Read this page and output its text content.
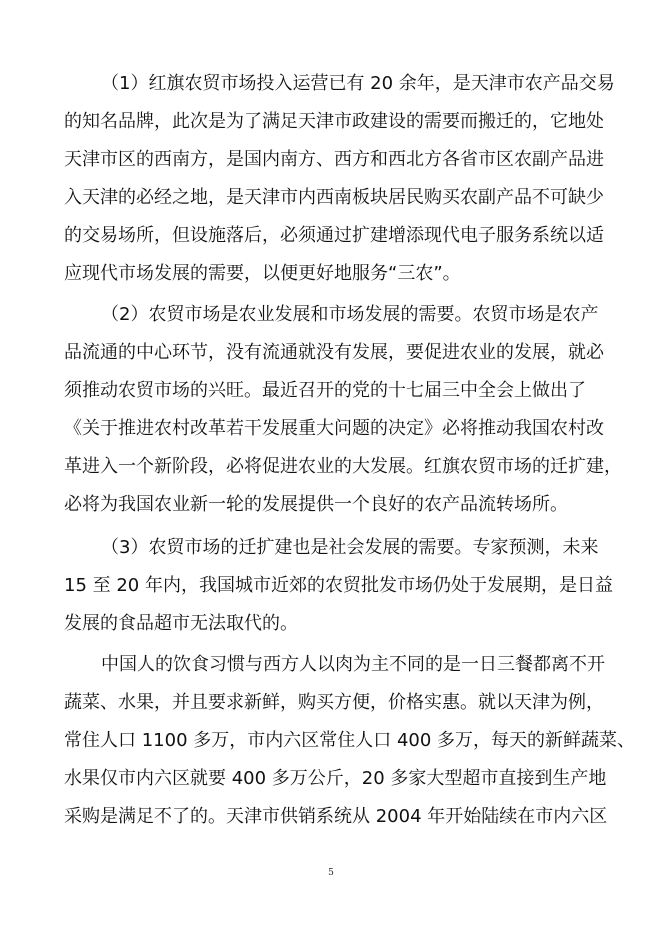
（1）红旗农贸市场投入运营已有 20 余年，是天津市农产品交易
的知名品牌，此次是为了满足天津市政建设的需要而搬迁的，它地处
天津市区的西南方，是国内南方、西方和西北方各省市区农副产品进
入天津的必经之地，是天津市内西南板块居民购买农副产品不可缺少
的交易场所，但设施落后，必须通过扩建增添现代电子服务系统以适
应现代市场发展的需要，以便更好地服务“三农”。
（2）农贸市场是农业发展和市场发展的需要。农贸市场是农产
品流通的中心环节，没有流通就没有发展，要促进农业的发展，就必
须推动农贸市场的兴旺。最近召开的党的十七届三中全会上做出了
《关于推进农村改革若干发展重大问题的决定》必将推动我国农村改
革进入一个新阶段，必将促进农业的大发展。红旗农贸市场的迁扩建，
必将为我国农业新一轮的发展提供一个良好的农产品流转场所。
（3）农贸市场的迁扩建也是社会发展的需要。专家预测，未来
15 至 20 年内，我国城市近郊的农贸批发市场仍处于发展期，是日益
发展的食品超市无法取代的。
中国人的饮食习惯与西方人以肉为主不同的是一日三餐都离不开
蔬菜、水果，并且要求新鲜，购买方便，价格实惠。就以天津为例，
常住人口 1100 多万，市内六区常住人口 400 多万，每天的新鲜蔬菜、
水果仅市内六区就要 400 多万公斤，20 多家大型超市直接到生产地
采购是满足不了的。天津市供销系统从 2004 年开始陆续在市内六区
5
